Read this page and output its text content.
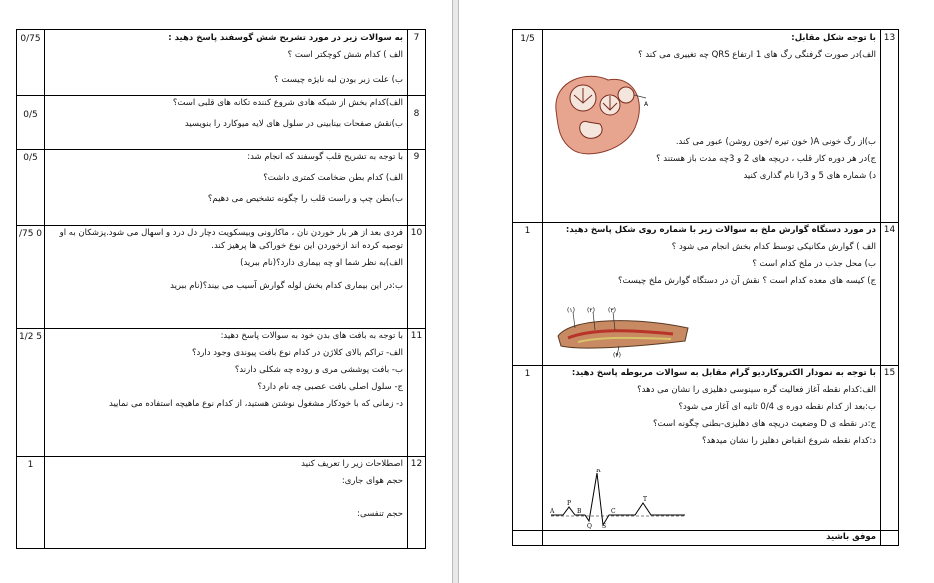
0/75	به سوالات زیر در مورد تشریح شش گوسفند پاسخ دهید :

الف ) کدام شش کوچکتر است ؟

ب) علت زبر بودن لبه نایژه چیست ؟

7
0/5

الف)کدام بخش از شبکه هادی شروع کننده تکانه های قلبی است؟

ب)نقش صفحات بینابینی در سلول های لایه میوکارد را بنویسید

8
0/5	با توجه به تشریح قلب گوسفند که انجام شد:

الف) کدام بطن ضخامت کمتری داشت؟

ب)بطن چپ و راست قلب را چگونه تشخیص می دهیم؟

9
/75 0	فردی بعد از هر بار خوردن نان ، ماکارونی وبیسکویت دچار دل درد و اسهال می شود.پزشکان به او توصیه کرده اند ازخوردن این نوع خوراکی ها پرهیز کند.

الف)به نظر شما او چه بیماری دارد؟(نام ببرید)

ب:در این بیماری کدام بخش لوله گوارش آسیب می بیند؟(نام ببرید

10
1/2 5	با توجه به بافت های بدن خود به سوالات پاسخ دهید:

الف- تراکم بالای کلاژن در کدام نوع بافت پیوندی وجود دارد؟

ب- بافت پوششی مری و روده چه شکلی دارند؟

ج- سلول اصلی بافت عصبی چه نام دارد؟

د- زمانی که با خودکار مشغول نوشتن هستید، از کدام نوع ماهیچه استفاده می نمایید

11
1	اصطلاحات زیر را تعریف کنید

حجم هوای جاری:

حجم تنفسی:

12
1/5	با توجه شکل مقابل:

الف)در صورت گرفنگی رگ های 1 ارتفاع QRS چه تغییری می کند ؟

ب)از رگ خونی A( خون تیره /خون روشن) عبور می کند.

ج)در هر دوره کار قلب ، دریچه های 2 و 3چه مدت باز هستند ؟

د) شماره های 5 و 3را نام گذاری کنید

13
A
1	در مورد دستگاه گوارش ملخ به سوالات زیر با شماره روی شکل پاسخ دهید:

الف ) گوارش مکانیکی توسط کدام بخش انجام می شود ؟

ب) محل جذب در ملخ کدام است ؟

ج) کیسه های معده کدام است ؟ نقش آن در دستگاه گوارش ملخ چیست؟

14
(۱) (۲) (۳)
(۴)
1	با توجه به نمودار الکتروکاردیو گرام مقابل به سوالات مربوطه پاسخ دهید:

الف:کدام نقطه آغاز فعالیت گره سینوسی دهلیزی را نشان می دهد؟

ب:بعد از کدام نقطه دوره ی 0/4 ثانیه ای آغاز می شود؟

ج:در نقطه ی D وضعیت دریچه های دهلیزی-بطنی چگونه است؟

د:کدام نقطه شروع انقباض دهلیز را نشان میدهد؟

15
R
A	B
P
Q S
T
C

موفق باشید
